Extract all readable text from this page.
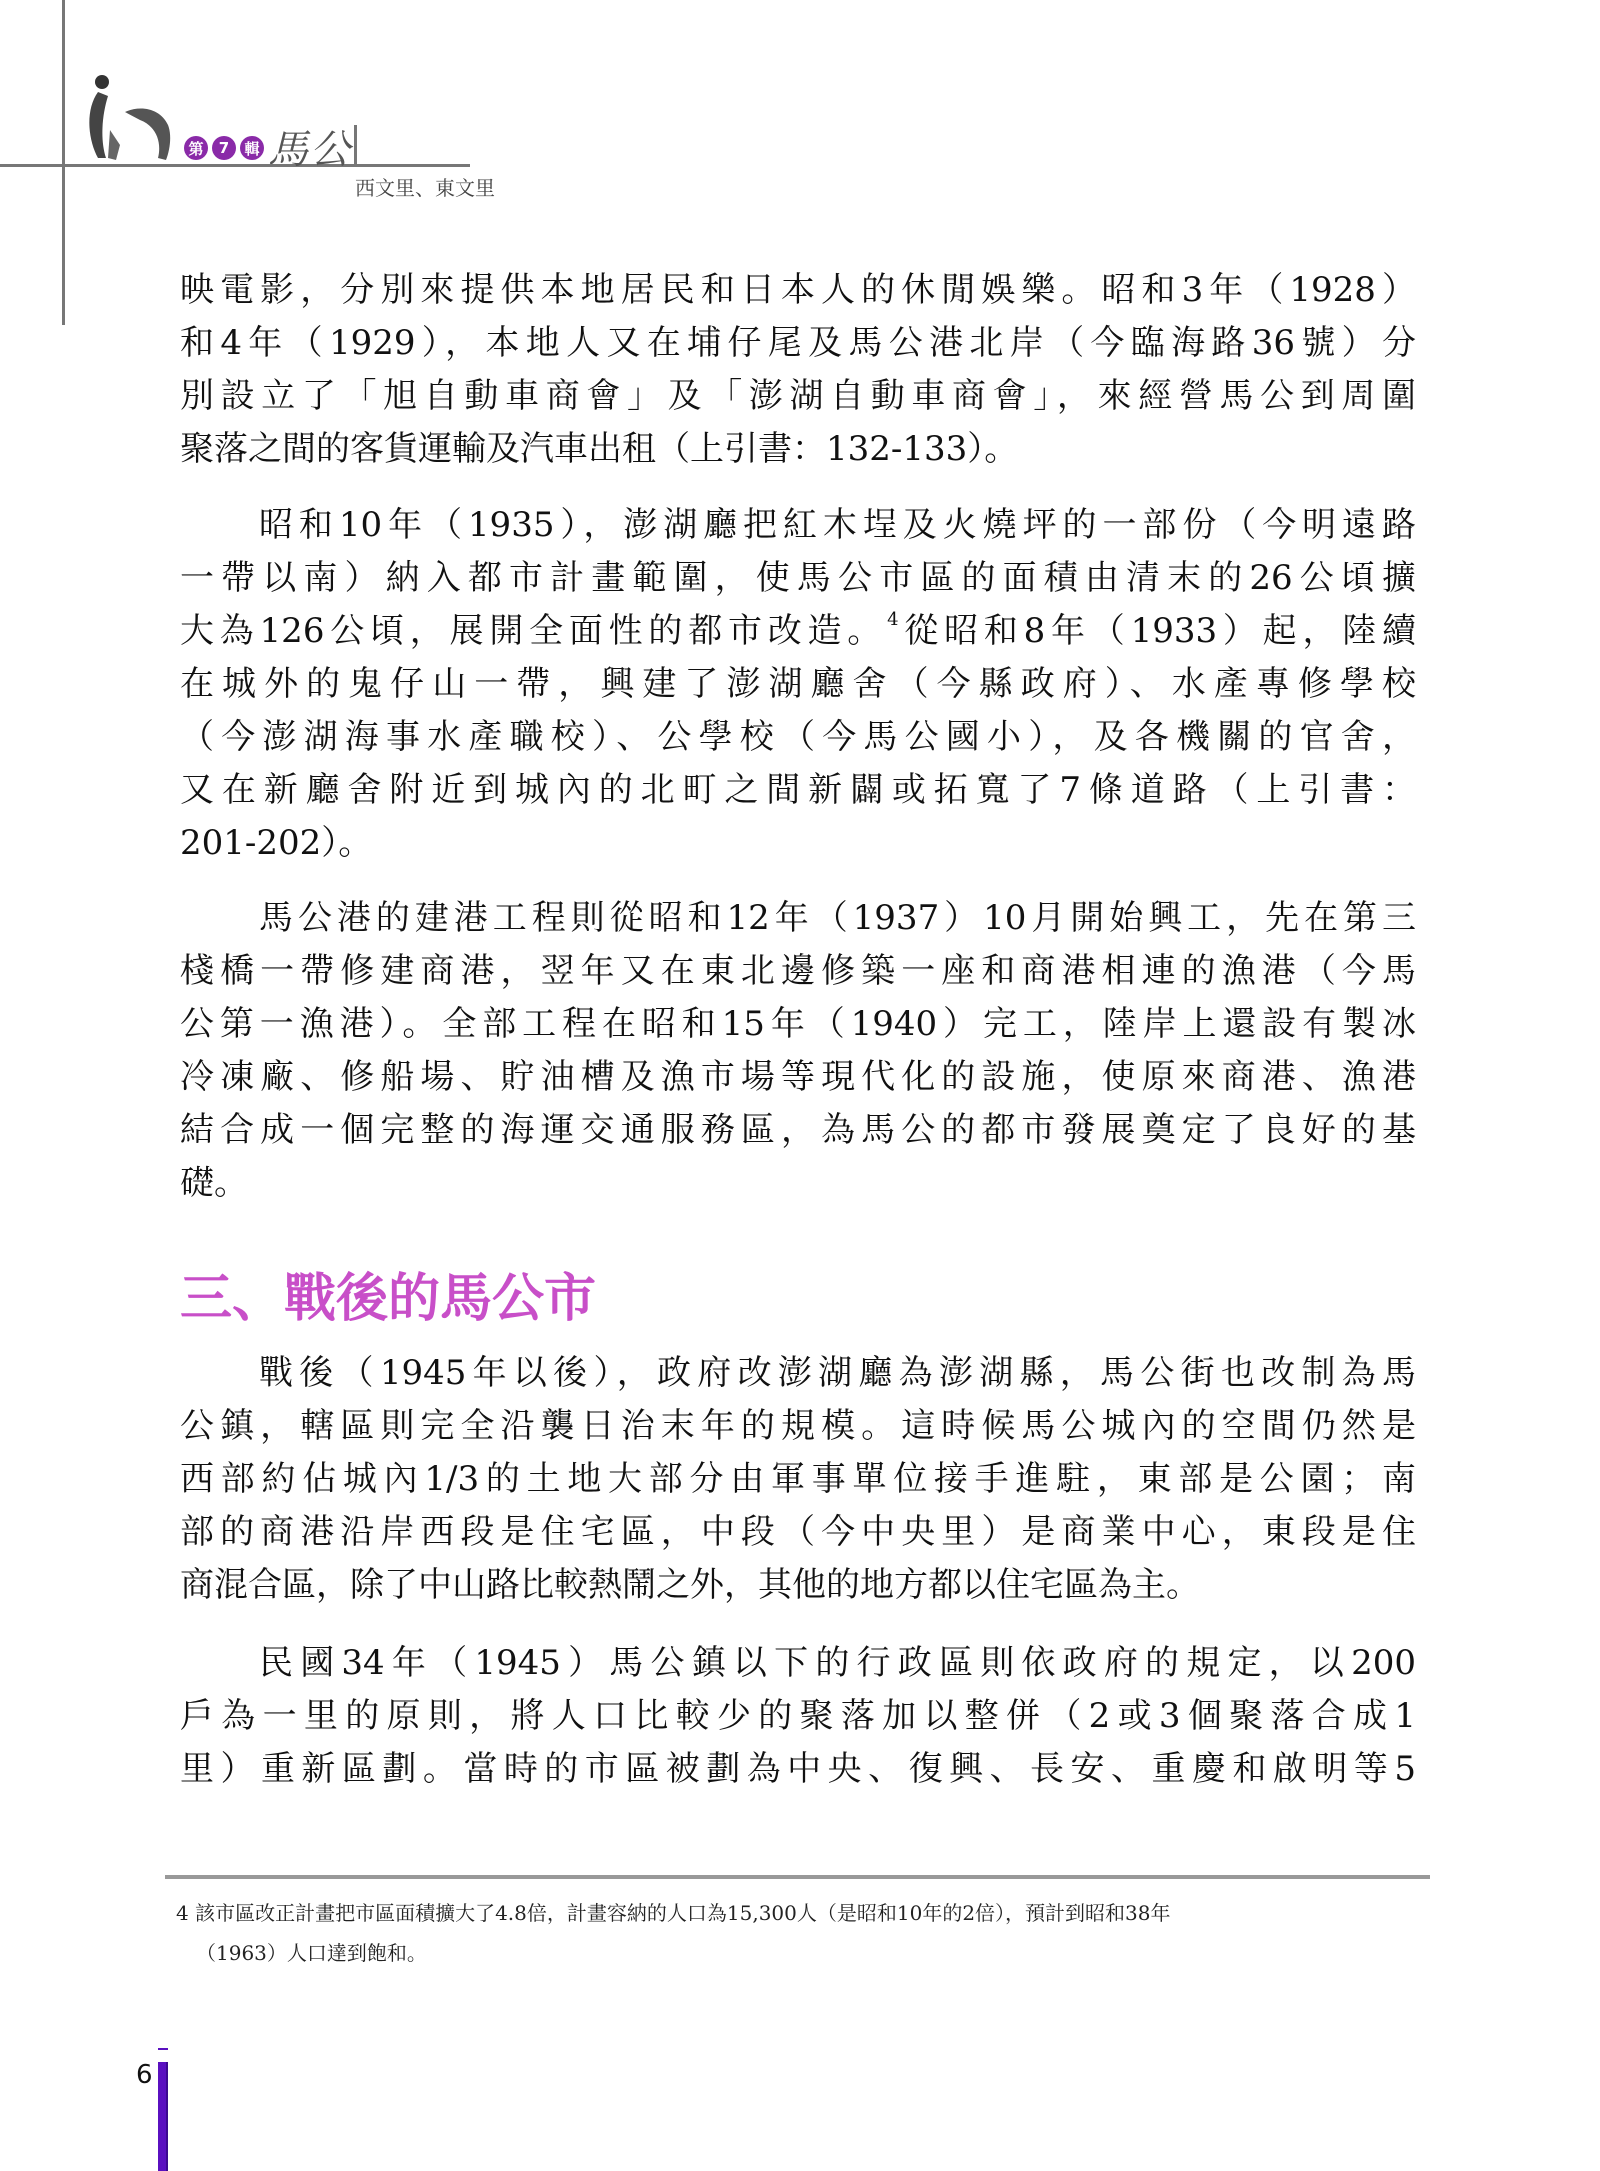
第	7	輯 馬公
西文里、東文里
映電影，分別來提供本地居民和日本人的休閒娛樂。昭和3年（1928）
和4年（1929），本地人又在埔仔尾及馬公港北岸（今臨海路36號）分
別設立了「旭自動車商會」及「澎湖自動車商會」，來經營馬公到周圍
聚落之間的客貨運輸及汽車出租（上引書：132-133）。
昭和10年（1935），澎湖廳把紅木埕及火燒坪的一部份（今明遠路
一帶以南）納入都市計畫範圍，使馬公市區的面積由清末的26公頃擴
大為126公頃，展開全面性的都市改造。$^4$從昭和8年（1933）起，陸續
在城外的鬼仔山一帶，興建了澎湖廳舍（今縣政府）、水產專修學校
（今澎湖海事水產職校）、公學校（今馬公國小），及各機關的官舍，
又在新廳舍附近到城內的北町之間新闢或拓寬了7條道路（上引書：
201-202）。
馬公港的建港工程則從昭和12年（1937）10月開始興工，先在第三
棧橋一帶修建商港，翌年又在東北邊修築一座和商港相連的漁港（今馬
公第一漁港）。全部工程在昭和15年（1940）完工，陸岸上還設有製冰
冷凍廠、修船場、貯油槽及漁市場等現代化的設施，使原來商港、漁港
結合成一個完整的海運交通服務區，為馬公的都市發展奠定了良好的基
礎。
三、戰後的馬公市
戰後（1945年以後），政府改澎湖廳為澎湖縣，馬公街也改制為馬
公鎮，轄區則完全沿襲日治末年的規模。這時候馬公城內的空間仍然是
西部約佔城內1/3的土地大部分由軍事單位接手進駐，東部是公園；南
部的商港沿岸西段是住宅區，中段（今中央里）是商業中心，東段是住
商混合區，除了中山路比較熱鬧之外，其他的地方都以住宅區為主。
民國34年（1945）馬公鎮以下的行政區則依政府的規定，以200
戶為一里的原則，將人口比較少的聚落加以整併（2或3個聚落合成1
里）重新區劃。當時的市區被劃為中央、復興、長安、重慶和啟明等5
4 該市區改正計畫把市區面積擴大了4.8倍，計畫容納的人口為15,300人（是昭和10年的2倍），預計到昭和38年
（1963）人口達到飽和。
6
